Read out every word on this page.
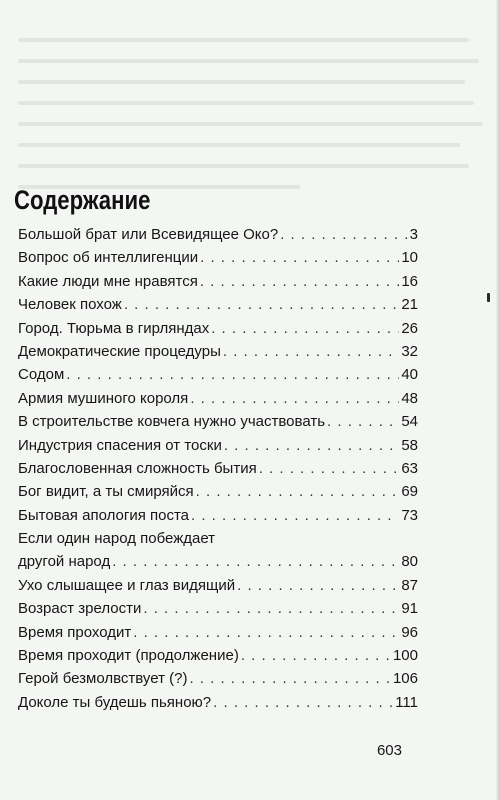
Содержание
Большой брат или Всевидящее Око? . . .	3
Вопрос об интеллигенции . . .	10
Какие люди мне нравятся . . .	16
Человек похож . . .	21
Город. Тюрьма в гирляндах . . .	26
Демократические процедуры . . .	32
Содом . . .	40
Армия мушиного короля . . .	48
В строительстве ковчега нужно участвовать . . .	54
Индустрия спасения от тоски . . .	58
Благословенная сложность бытия . . .	63
Бог видит, а ты смиряйся . . .	69
Бытовая апология поста . . .	73
Если один народ побеждает
другой народ . . .	80
Ухо слышащее и глаз видящий . . .	87
Возраст зрелости . . .	91
Время проходит . . .	96
Время проходит (продолжение) . . .	100
Герой безмолвствует (?) . . .	106
Доколе ты будешь пьяною? . . .	111
603
